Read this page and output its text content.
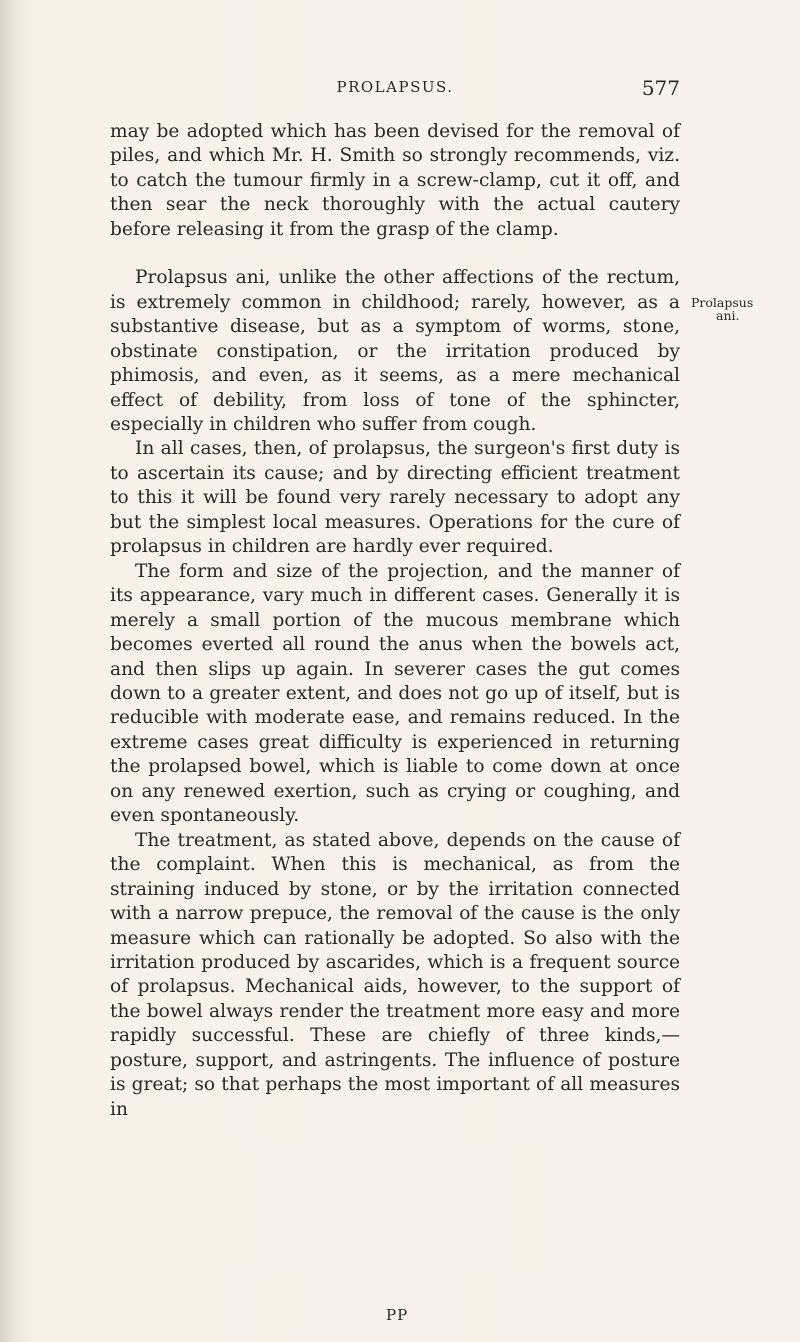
PROLAPSUS.	577

may be adopted which has been devised for the removal of piles, and which Mr. H. Smith so strongly recommends, viz. to catch the tumour firmly in a screw-clamp, cut it off, and then sear the neck thoroughly with the actual cautery before releasing it from the grasp of the clamp.

Prolapsus ani, unlike the other affections of the rectum, is extremely common in childhood; rarely, however, as a substantive disease, but as a symptom of worms, stone, obstinate constipation, or the irritation produced by phimosis, and even, as it seems, as a mere mechanical effect of debility, from loss of tone of the sphincter, especially in children who suffer from cough.

In all cases, then, of prolapsus, the surgeon's first duty is to ascertain its cause; and by directing efficient treatment to this it will be found very rarely necessary to adopt any but the simplest local measures. Operations for the cure of prolapsus in children are hardly ever required.

The form and size of the projection, and the manner of its appearance, vary much in different cases. Generally it is merely a small portion of the mucous membrane which becomes everted all round the anus when the bowels act, and then slips up again. In severer cases the gut comes down to a greater extent, and does not go up of itself, but is reducible with moderate ease, and remains reduced. In the extreme cases great difficulty is experienced in returning the prolapsed bowel, which is liable to come down at once on any renewed exertion, such as crying or coughing, and even spontaneously.

The treatment, as stated above, depends on the cause of the complaint. When this is mechanical, as from the straining induced by stone, or by the irritation connected with a narrow prepuce, the removal of the cause is the only measure which can rationally be adopted. So also with the irritation produced by ascarides, which is a frequent source of prolapsus. Mechanical aids, however, to the support of the bowel always render the treatment more easy and more rapidly successful. These are chiefly of three kinds,—posture, support, and astringents. The influence of posture is great; so that perhaps the most important of all measures in

Prolapsus
ani.
PP
